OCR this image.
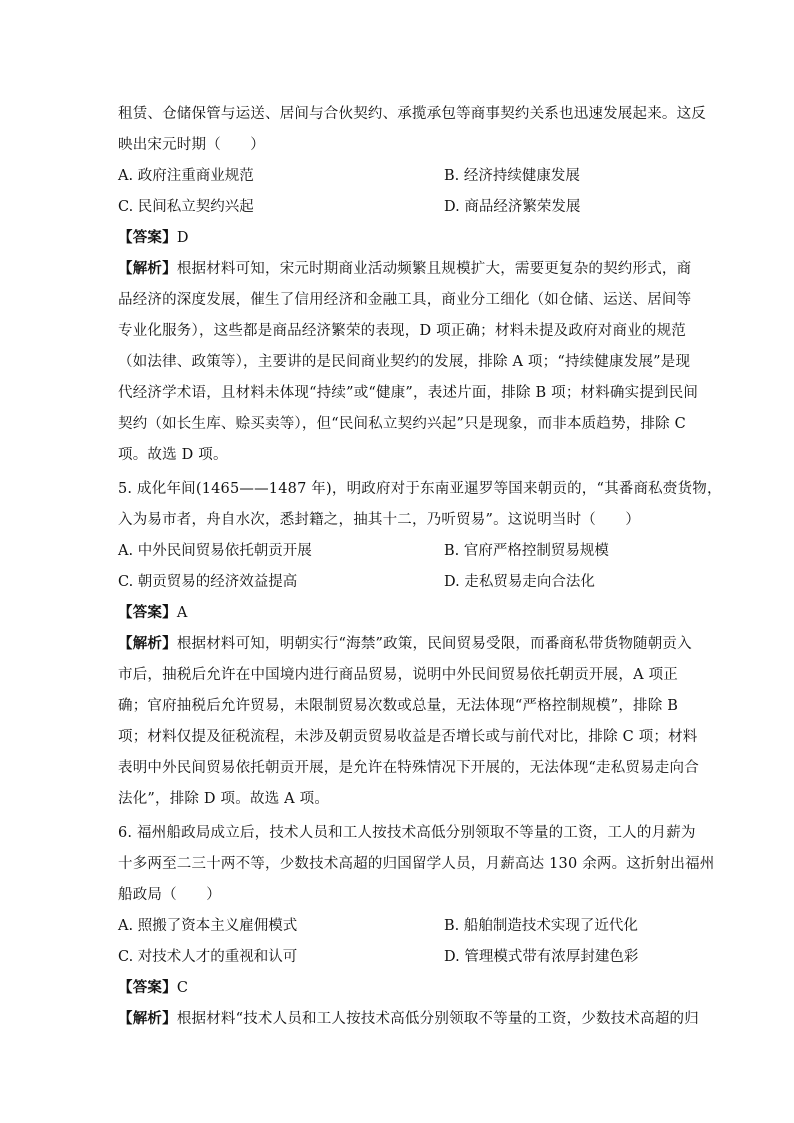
租赁、仓储保管与运送、居间与合伙契约、承揽承包等商事契约关系也迅速发展起来。这反
映出宋元时期（　　）
A. 政府注重商业规范	B. 经济持续健康发展
C. 民间私立契约兴起	D. 商品经济繁荣发展
【答案】D
【解析】根据材料可知，宋元时期商业活动频繁且规模扩大，需要更复杂的契约形式，商
品经济的深度发展，催生了信用经济和金融工具，商业分工细化（如仓储、运送、居间等
专业化服务），这些都是商品经济繁荣的表现，D 项正确；材料未提及政府对商业的规范
（如法律、政策等），主要讲的是民间商业契约的发展，排除 A 项；“持续健康发展”是现
代经济学术语，且材料未体现“持续”或“健康”，表述片面，排除 B 项；材料确实提到民间
契约（如长生库、赊买卖等），但“民间私立契约兴起”只是现象，而非本质趋势，排除 C
项。故选 D 项。
5. 成化年间(1465——1487 年)，明政府对于东南亚暹罗等国来朝贡的，“其番商私赍货物，
入为易市者，舟自水次，悉封籍之，抽其十二，乃听贸易”。这说明当时（　　）
A. 中外民间贸易依托朝贡开展	B. 官府严格控制贸易规模
C. 朝贡贸易的经济效益提高	D. 走私贸易走向合法化
【答案】A
【解析】根据材料可知，明朝实行“海禁”政策，民间贸易受限，而番商私带货物随朝贡入
市后，抽税后允许在中国境内进行商品贸易，说明中外民间贸易依托朝贡开展，A 项正
确；官府抽税后允许贸易，未限制贸易次数或总量，无法体现“严格控制规模”，排除 B
项；材料仅提及征税流程，未涉及朝贡贸易收益是否增长或与前代对比，排除 C 项；材料
表明中外民间贸易依托朝贡开展，是允许在特殊情况下开展的，无法体现“走私贸易走向合
法化”，排除 D 项。故选 A 项。
6. 福州船政局成立后，技术人员和工人按技术高低分别领取不等量的工资，工人的月薪为
十多两至二三十两不等，少数技术高超的归国留学人员，月薪高达 130 余两。这折射出福州
船政局（　　）
A. 照搬了资本主义雇佣模式	B. 船舶制造技术实现了近代化
C. 对技术人才的重视和认可	D. 管理模式带有浓厚封建色彩
【答案】C
【解析】根据材料“技术人员和工人按技术高低分别领取不等量的工资，少数技术高超的归
